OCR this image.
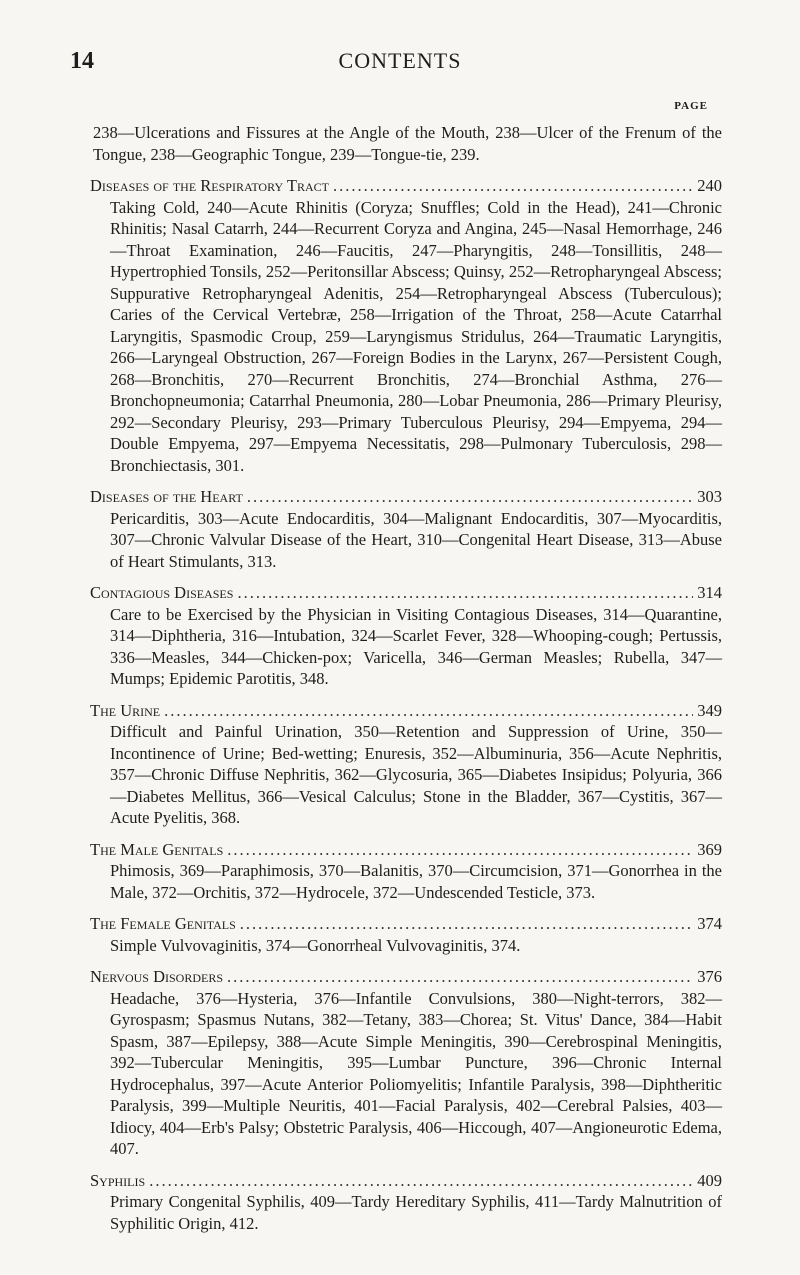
14	CONTENTS
PAGE

238—Ulcerations and Fissures at the Angle of the Mouth, 238—Ulcer of the Frenum of the Tongue, 238—Geographic Tongue, 239—Tongue-tie, 239.

Diseases of the Respiratory Tract .....	240

Taking Cold, 240—Acute Rhinitis (Coryza; Snuffles; Cold in the Head), 241—Chronic Rhinitis; Nasal Catarrh, 244—Recurrent Coryza and Angina, 245—Nasal Hemorrhage, 246—Throat Examination, 246—Faucitis, 247—Pharyngitis, 248—Tonsillitis, 248—Hypertrophied Tonsils, 252—Peritonsillar Abscess; Quinsy, 252—Retropharyngeal Abscess; Suppurative Retropharyngeal Adenitis, 254—Retropharyngeal Abscess (Tuberculous); Caries of the Cervical Vertebræ, 258—Irrigation of the Throat, 258—Acute Catarrhal Laryngitis, Spasmodic Croup, 259—Laryngismus Stridulus, 264—Traumatic Laryngitis, 266—Laryngeal Obstruction, 267—Foreign Bodies in the Larynx, 267—Persistent Cough, 268—Bronchitis, 270—Recurrent Bronchitis, 274—Bronchial Asthma, 276—Bronchopneumonia; Catarrhal Pneumonia, 280—Lobar Pneumonia, 286—Primary Pleurisy, 292—Secondary Pleurisy, 293—Primary Tuberculous Pleurisy, 294—Empyema, 294—Double Empyema, 297—Empyema Necessitatis, 298—Pulmonary Tuberculosis, 298—Bronchiectasis, 301.

Diseases of the Heart .....	303

Pericarditis, 303—Acute Endocarditis, 304—Malignant Endocarditis, 307—Myocarditis, 307—Chronic Valvular Disease of the Heart, 310—Congenital Heart Disease, 313—Abuse of Heart Stimulants, 313.

Contagious Diseases .....	314

Care to be Exercised by the Physician in Visiting Contagious Diseases, 314—Quarantine, 314—Diphtheria, 316—Intubation, 324—Scarlet Fever, 328—Whooping-cough; Pertussis, 336—Measles, 344—Chicken-pox; Varicella, 346—German Measles; Rubella, 347—Mumps; Epidemic Parotitis, 348.

The Urine .....	349

Difficult and Painful Urination, 350—Retention and Suppression of Urine, 350—Incontinence of Urine; Bed-wetting; Enuresis, 352—Albuminuria, 356—Acute Nephritis, 357—Chronic Diffuse Nephritis, 362—Glycosuria, 365—Diabetes Insipidus; Polyuria, 366—Diabetes Mellitus, 366—Vesical Calculus; Stone in the Bladder, 367—Cystitis, 367—Acute Pyelitis, 368.

The Male Genitals .....	369

Phimosis, 369—Paraphimosis, 370—Balanitis, 370—Circumcision, 371—Gonorrhea in the Male, 372—Orchitis, 372—Hydrocele, 372—Undescended Testicle, 373.

The Female Genitals .....	374

Simple Vulvovaginitis, 374—Gonorrheal Vulvovaginitis, 374.

Nervous Disorders .....	376

Headache, 376—Hysteria, 376—Infantile Convulsions, 380—Night-terrors, 382—Gyrospasm; Spasmus Nutans, 382—Tetany, 383—Chorea; St. Vitus' Dance, 384—Habit Spasm, 387—Epilepsy, 388—Acute Simple Meningitis, 390—Cerebrospinal Meningitis, 392—Tubercular Meningitis, 395—Lumbar Puncture, 396—Chronic Internal Hydrocephalus, 397—Acute Anterior Poliomyelitis; Infantile Paralysis, 398—Diphtheritic Paralysis, 399—Multiple Neuritis, 401—Facial Paralysis, 402—Cerebral Palsies, 403—Idiocy, 404—Erb's Palsy; Obstetric Paralysis, 406—Hiccough, 407—Angioneurotic Edema, 407.

Syphilis .....	409

Primary Congenital Syphilis, 409—Tardy Hereditary Syphilis, 411—Tardy Malnutrition of Syphilitic Origin, 412.
